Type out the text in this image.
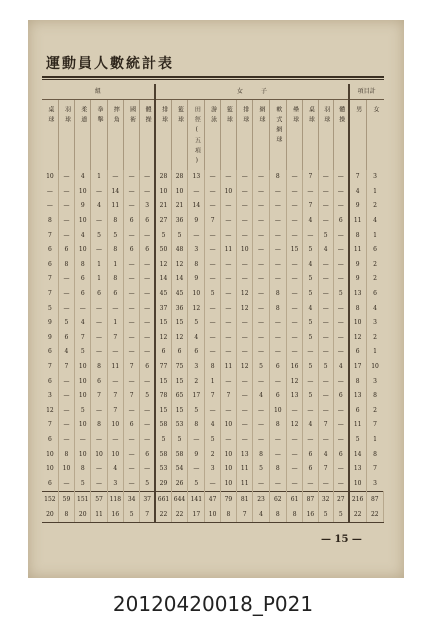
運動員人數統計表
組							女　　　子												項目計	
桌球	羽球	柔道	拳擊	摔角	國術	體操	排球	籃球	田徑(五項)	游泳	籃球	排球	網球	軟式網球	壘球	桌球	羽球	體操	男	女
10	—	4	1	—	—	—	28	28	13	—	—	—	—	8	—	7	—	—	7	3
—	—	10	—	14	—	—	10	10	—	—	10	—	—	—	—	—	—	—	4	1
—	—	9	4	11	—	3	21	21	14	—	—	—	—	—	—	7	—	—	9	2
8	—	10	—	8	6	6	27	36	9	7	—	—	—	—	—	4	—	6	11	4
7	—	4	5	5	—	—	5	5	—	—	—	—	—	—	—	—	5	—	8	1
6	6	10	—	8	6	6	50	48	3	—	11	10	—	—	15	5	4	—	11	6
6	8	8	1	1	—	—	12	12	8	—	—	—	—	—	—	4	—	—	9	2
7	—	6	1	8	—	—	14	14	9	—	—	—	—	—	—	5	—	—	9	2
7	—	6	6	6	—	—	45	45	10	5	—	12	—	8	—	5	—	5	13	6
5	—	—	—	—	—	—	37	36	12	—	—	12	—	8	—	4	—	—	8	4
9	5	4	—	1	—	—	15	15	5	—	—	—	—	—	—	5	—	—	10	3
9	6	7	—	7	—	—	12	12	4	—	—	—	—	—	—	5	—	—	12	2
6	4	5	—	—	—	—	6	6	6	—	—	—	—	—	—	—	—	—	6	1
7	7	10	8	11	7	6	77	75	3	8	11	12	5	6	16	5	5	4	17	10
6	—	10	6	—	—	—	15	15	2	1	—	—	—	—	12	—	—	—	8	3
3	—	10	7	7	7	5	78	65	17	7	7	—	4	6	13	5	—	6	13	8
12	—	5	—	7	—	—	15	15	5	—	—	—	—	10	—	—	—	—	6	2
7	—	10	8	10	6	—	58	53	8	4	10	—	—	8	12	4	7	—	11	7
6	—	—	—	—	—	—	5	5	—	5	—	—	—	—	—	—	—	—	5	1
10	8	10	10	10	—	6	58	58	9	2	10	13	8	—	—	6	4	6	14	8
10	10	8	—	4	—	—	53	54	—	3	10	11	5	8	—	6	7	—	13	7
6	—	5	—	3	—	5	29	26	5	—	10	11	—	—	—	—	—	—	10	3
152	59	151	57	118	34	37	661	644	141	47	79	81	23	62	61	87	32	27	216	87
20	8	20	11	16	5	7	22	22	17	10	8	7	4	8	8	16	5	5	22	22
— 15 —
20120420018_P021
